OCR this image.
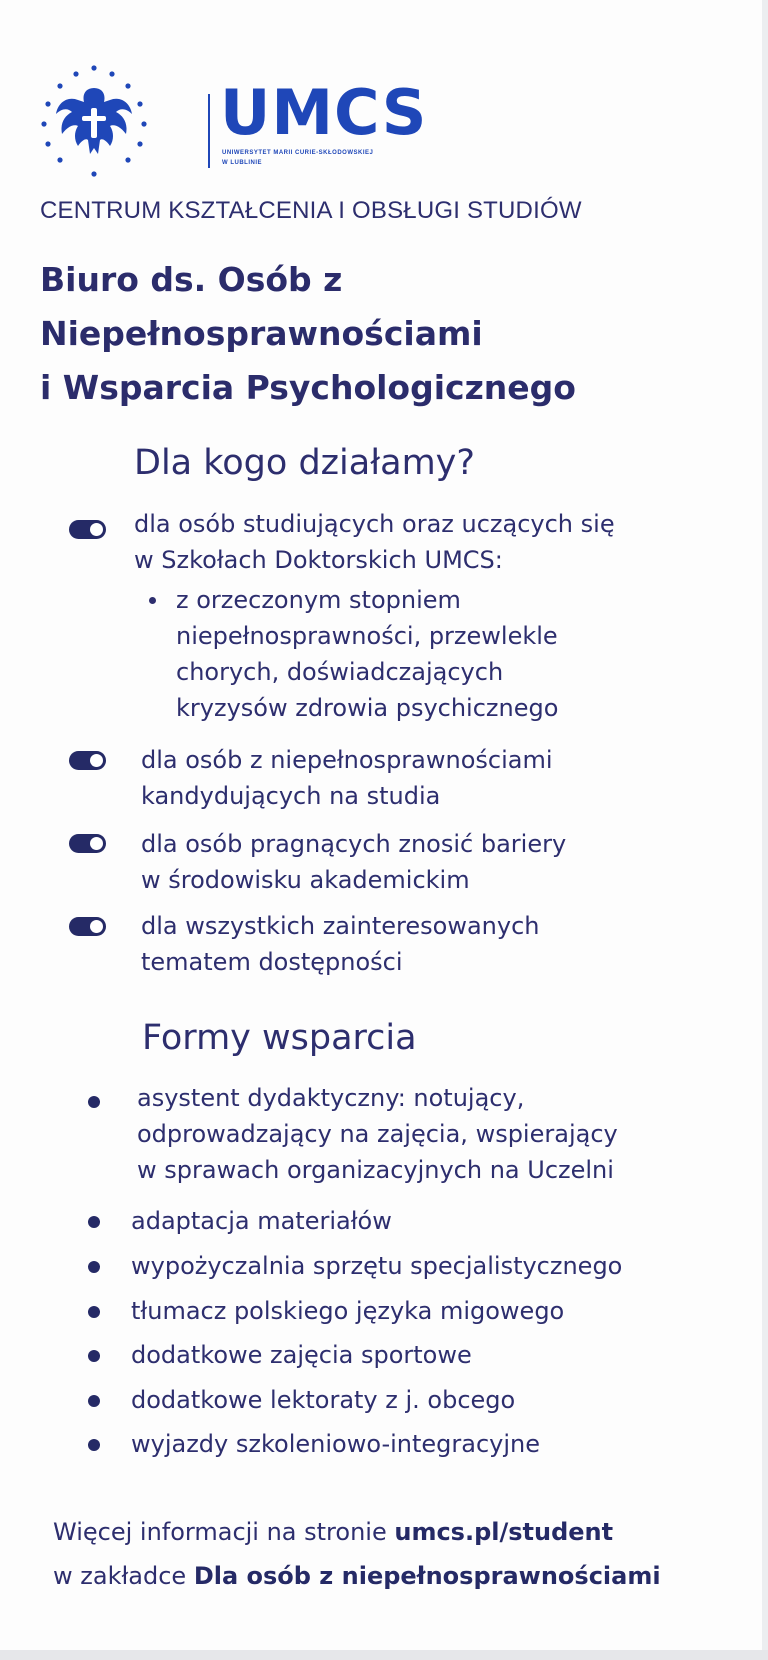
UMCS
UNIWERSYTET MARII CURIE-SKŁODOWSKIEJ
W LUBLINIE
CENTRUM KSZTAŁCENIA I OBSŁUGI STUDIÓW
Biuro ds. Osób z
Niepełnosprawnościami
i Wsparcia Psychologicznego
Dla kogo działamy?
dla osób studiujących oraz uczących się
w Szkołach Doktorskich UMCS:
z orzeczonym stopniem
niepełnosprawności, przewlekle
chorych, doświadczających
kryzysów zdrowia psychicznego
dla osób z niepełnosprawnościami
kandydujących na studia
dla osób pragnących znosić bariery
w środowisku akademickim
dla wszystkich zainteresowanych
tematem dostępności
Formy wsparcia
asystent dydaktyczny: notujący,
odprowadzający na zajęcia, wspierający
w sprawach organizacyjnych na Uczelni
adaptacja materiałów
wypożyczalnia sprzętu specjalistycznego
tłumacz polskiego języka migowego
dodatkowe zajęcia sportowe
dodatkowe lektoraty z j. obcego
wyjazdy szkoleniowo-integracyjne
Więcej informacji na stronie umcs.pl/student
w zakładce Dla osób z niepełnosprawnościami
